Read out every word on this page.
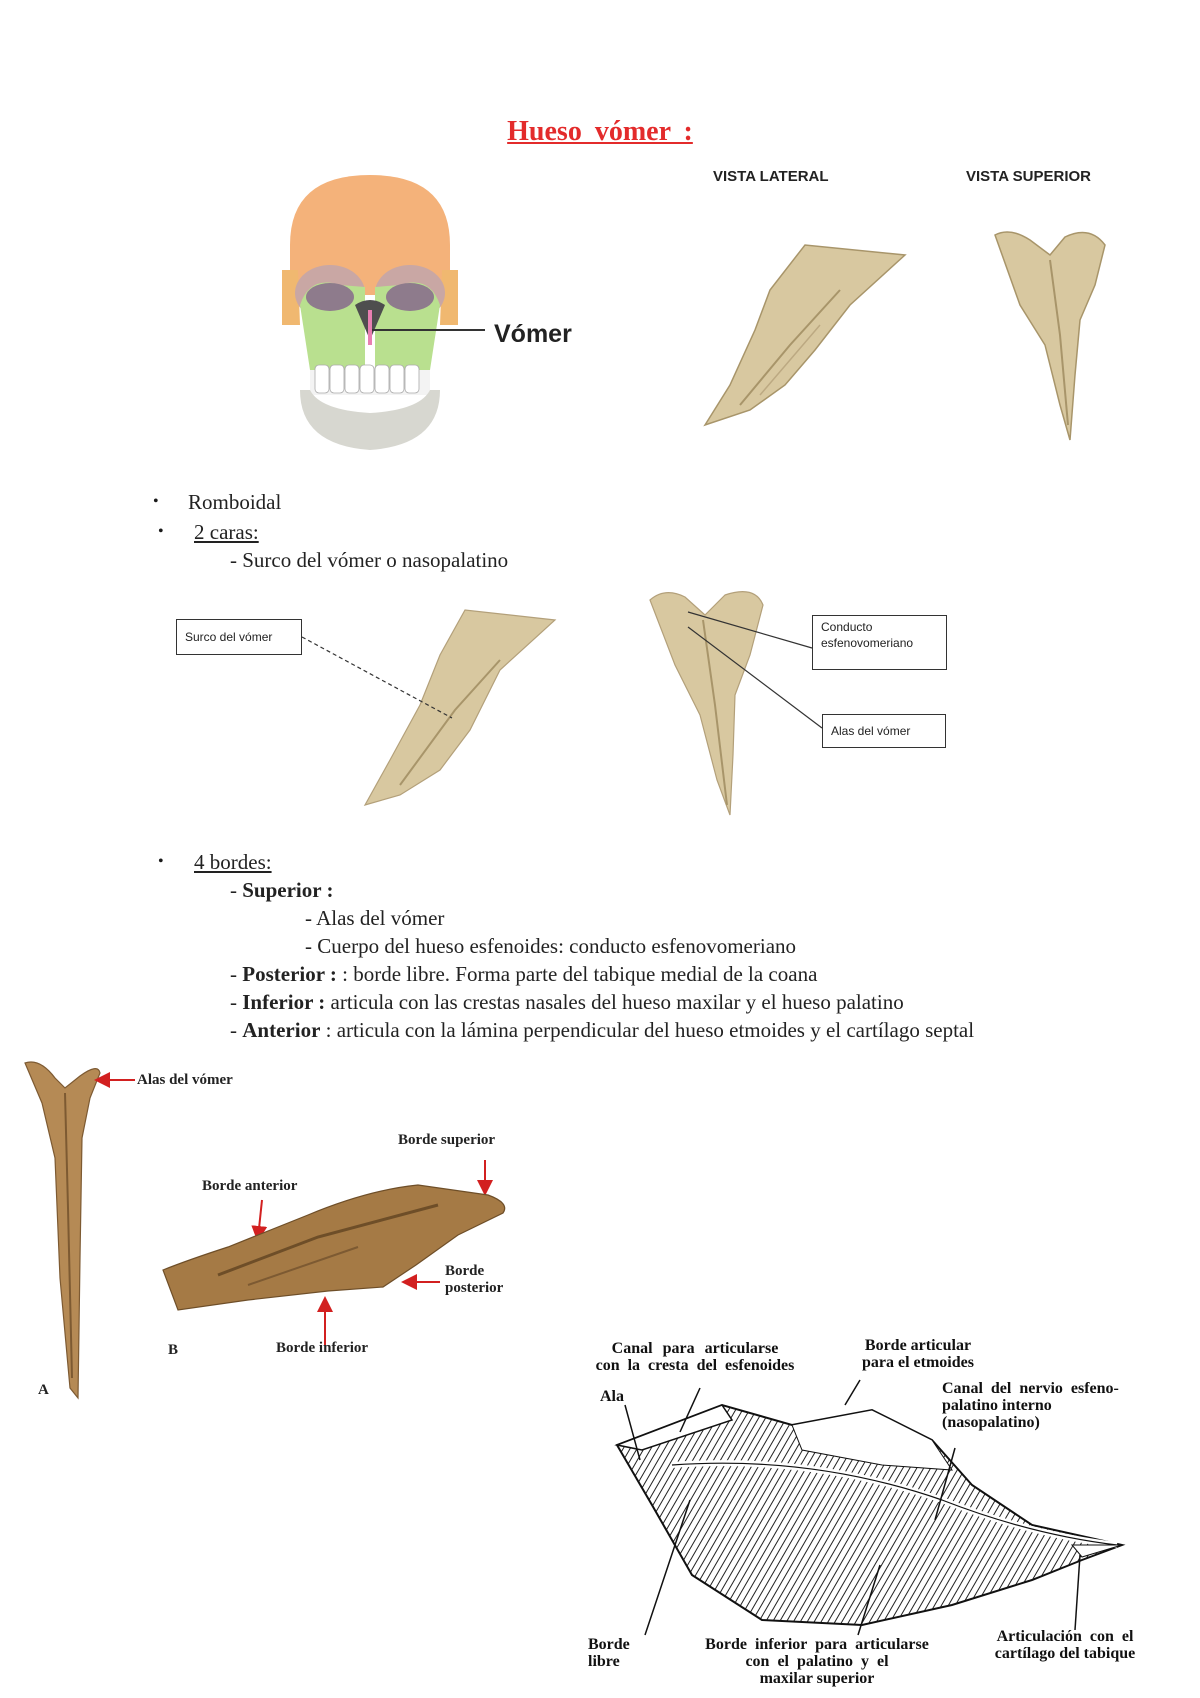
Hueso vómer :
Vómer
VISTA LATERAL	VISTA SUPERIOR
• Romboidal
• 2 caras:
- Surco del vómer o nasopalatino
Surco del vómer
Conducto esfenovomeriano
Alas del vómer
• 4 bordes:
- Superior :
- Alas del vómer
- Cuerpo del hueso esfenoides: conducto esfenovomeriano
- Posterior : : borde libre. Forma parte del tabique medial de la coana
- Inferior : articula con las crestas nasales del hueso maxilar y el hueso palatino
- Anterior : articula con la lámina perpendicular del hueso etmoides y el cartílago septal
Alas del vómer
Borde superior
Borde anterior
Borde
posterior
Borde inferior
A
B	Canal para articularse
con la cresta del esfenoides
Borde articular
para el etmoides
Ala	Canal del nervio esfeno-
palatino interno
(nasopalatino)
Borde
libre
Borde inferior para articularse
con el palatino y el
maxilar superior
Articulación con el
cartílago del tabique
